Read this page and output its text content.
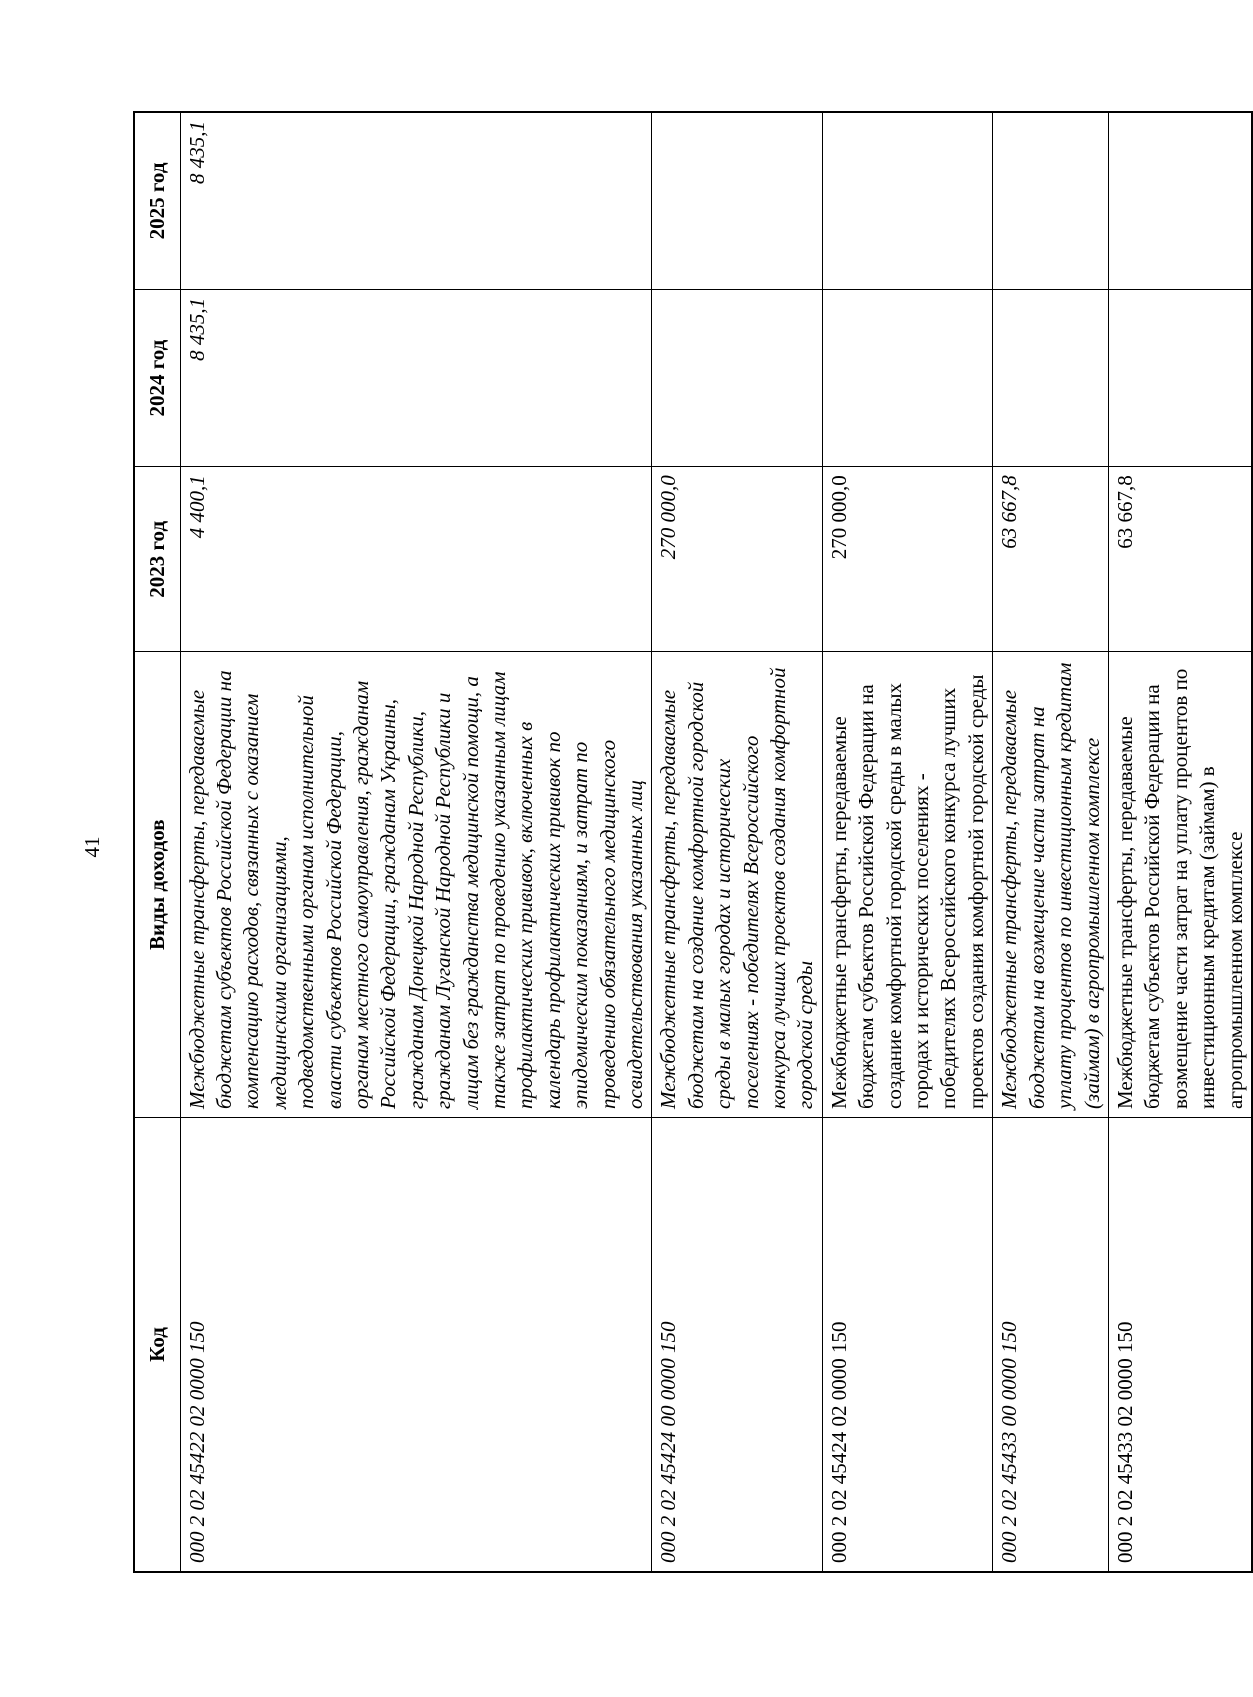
41
Код	Виды доходов	2023 год	2024 год	2025 год
000 2 02 45422 02 0000 150	Межбюджетные трансферты, передаваемые бюджетам субъектов Российской Федерации на компенсацию расходов, связанных с оказанием медицинскими организациями, подведомственными органам исполнительной власти субъектов Российской Федерации, органам местного самоуправления, гражданам Российской Федерации, гражданам Украины, гражданам Донецкой Народной Республики, гражданам Луганской Народной Республики и лицам без гражданства медицинской помощи, а также затрат по проведению указанным лицам профилактических прививок, включенных в календарь профилактических прививок по эпидемическим показаниям, и затрат по проведению обязательного медицинского освидетельствования указанных лиц	4 400,1	8 435,1	8 435,1
000 2 02 45424 00 0000 150	Межбюджетные трансферты, передаваемые бюджетам на создание комфортной городской среды в малых городах и исторических поселениях - победителях Всероссийского конкурса лучших проектов создания комфортной городской среды	270 000,0		
000 2 02 45424 02 0000 150	Межбюджетные трансферты, передаваемые бюджетам субъектов Российской Федерации на создание комфортной городской среды в малых городах и исторических поселениях - победителях Всероссийского конкурса лучших проектов создания комфортной городской среды	270 000,0		
000 2 02 45433 00 0000 150	Межбюджетные трансферты, передаваемые бюджетам на возмещение части затрат на уплату процентов по инвестиционным кредитам (займам) в агропромышленном комплексе	63 667,8		
000 2 02 45433 02 0000 150	Межбюджетные трансферты, передаваемые бюджетам субъектов Российской Федерации на возмещение части затрат на уплату процентов по инвестиционным кредитам (займам) в агропромышленном комплексе	63 667,8		
